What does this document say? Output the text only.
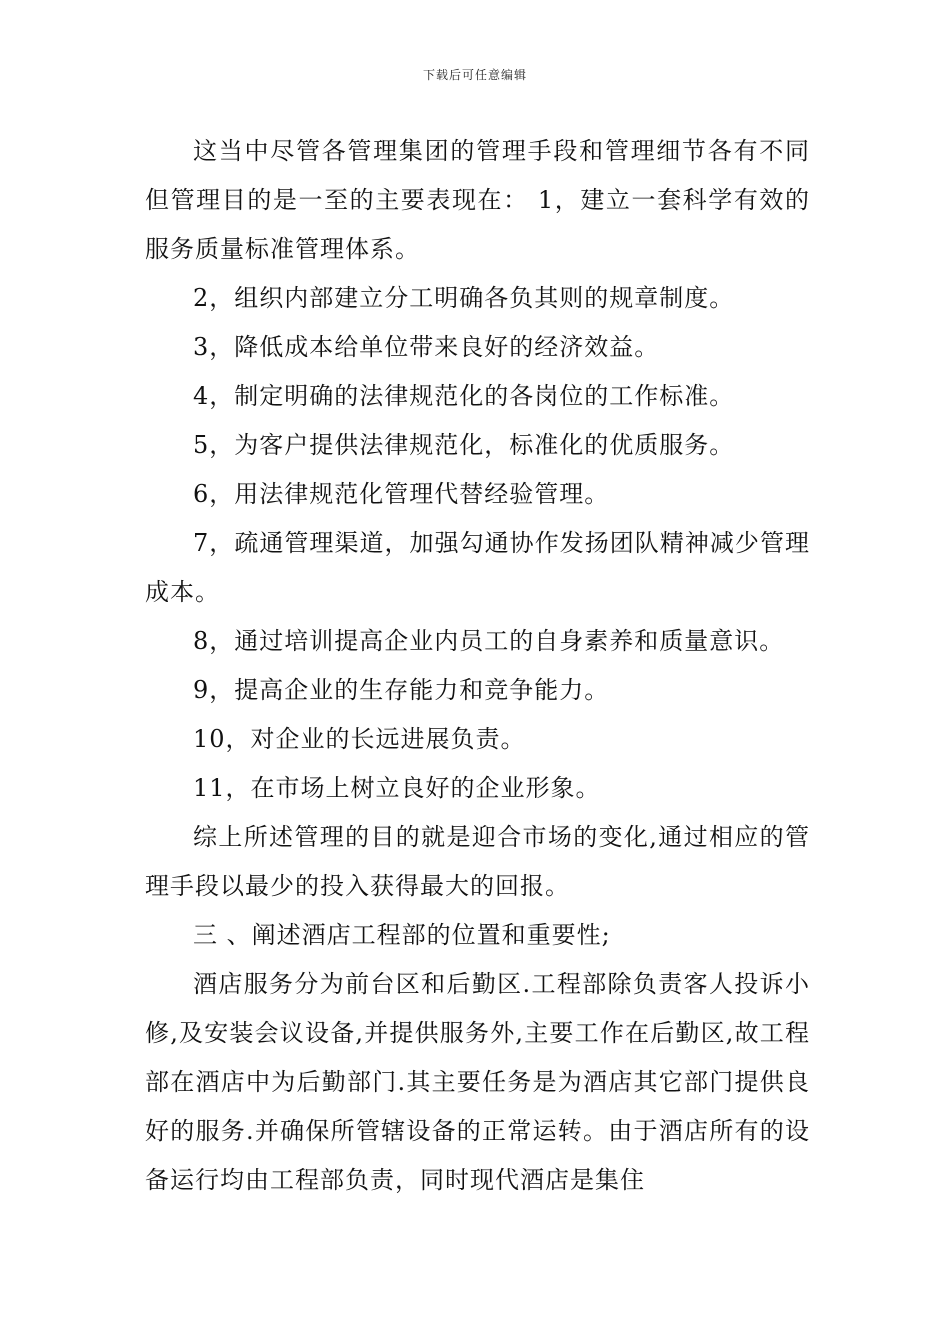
下载后可任意编辑

这当中尽管各管理集团的管理手段和管理细节各有不同但管理目的是一至的主要表现在： 1，建立一套科学有效的服务质量标准管理体系。

2，组织内部建立分工明确各负其则的规章制度。

3，降低成本给单位带来良好的经济效益。

4，制定明确的法律规范化的各岗位的工作标准。

5，为客户提供法律规范化，标准化的优质服务。

6，用法律规范化管理代替经验管理。

7，疏通管理渠道，加强勾通协作发扬团队精神减少管理成本。

8，通过培训提高企业内员工的自身素养和质量意识。

9，提高企业的生存能力和竞争能力。

10，对企业的长远进展负责。

11，在市场上树立良好的企业形象。

综上所述管理的目的就是迎合市场的变化,通过相应的管理手段以最少的投入获得最大的回报。

三 、阐述酒店工程部的位置和重要性;

酒店服务分为前台区和后勤区.工程部除负责客人投诉小修,及安装会议设备,并提供服务外,主要工作在后勤区,故工程部在酒店中为后勤部门.其主要任务是为酒店其它部门提供良好的服务.并确保所管辖设备的正常运转。由于酒店所有的设备运行均由工程部负责，同时现代酒店是集住
